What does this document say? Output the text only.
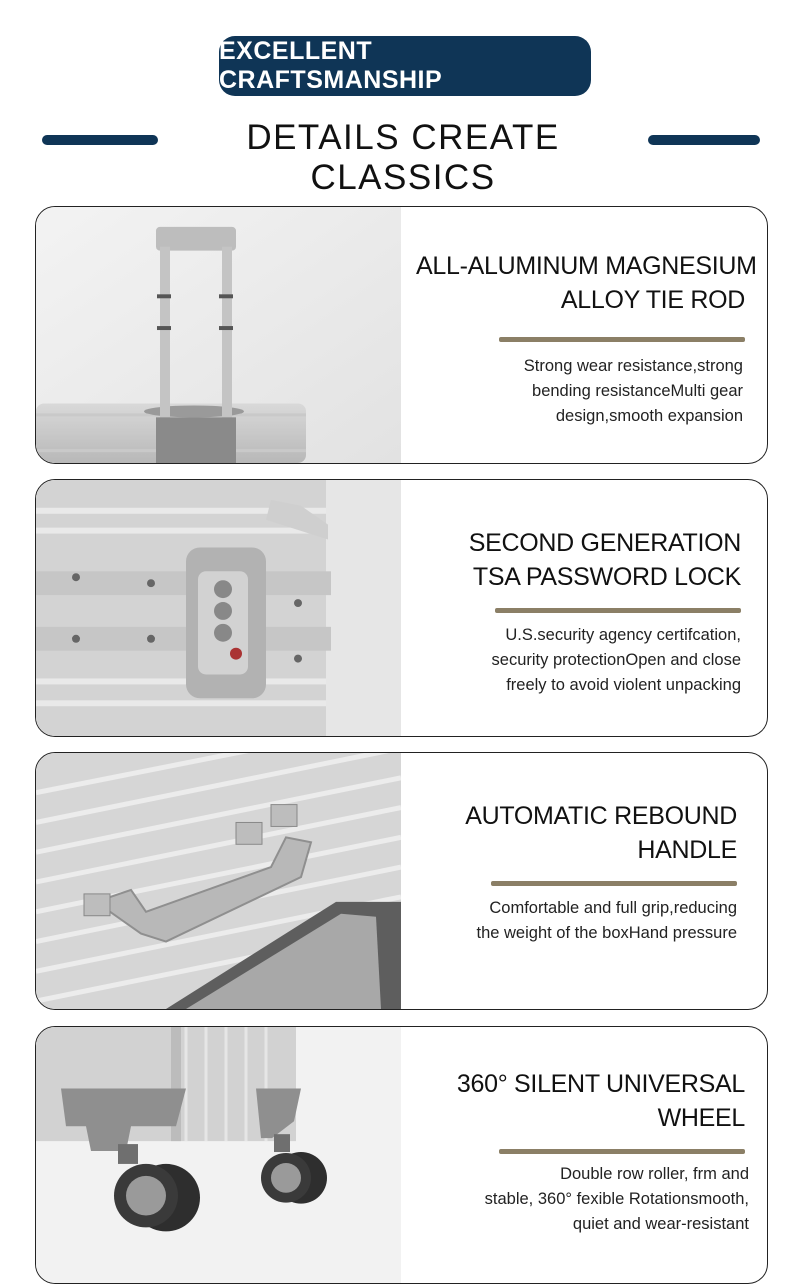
EXCELLENT CRAFTSMANSHIP
DETAILS CREATE CLASSICS
ALL-ALUMINUM MAGNESIUM
ALLOY TIE ROD
Strong wear resistance,strong
bending resistanceMulti gear
design,smooth expansion
SECOND GENERATION
TSA PASSWORD LOCK
U.S.security agency certifcation,
security protectionOpen and close
freely to avoid violent unpacking
AUTOMATIC REBOUND
HANDLE
Comfortable and full grip,reducing
the weight of the boxHand pressure
360° SILENT UNIVERSAL
WHEEL
Double row roller, frm and
stable, 360° fexible Rotationsmooth,
quiet and wear-resistant
